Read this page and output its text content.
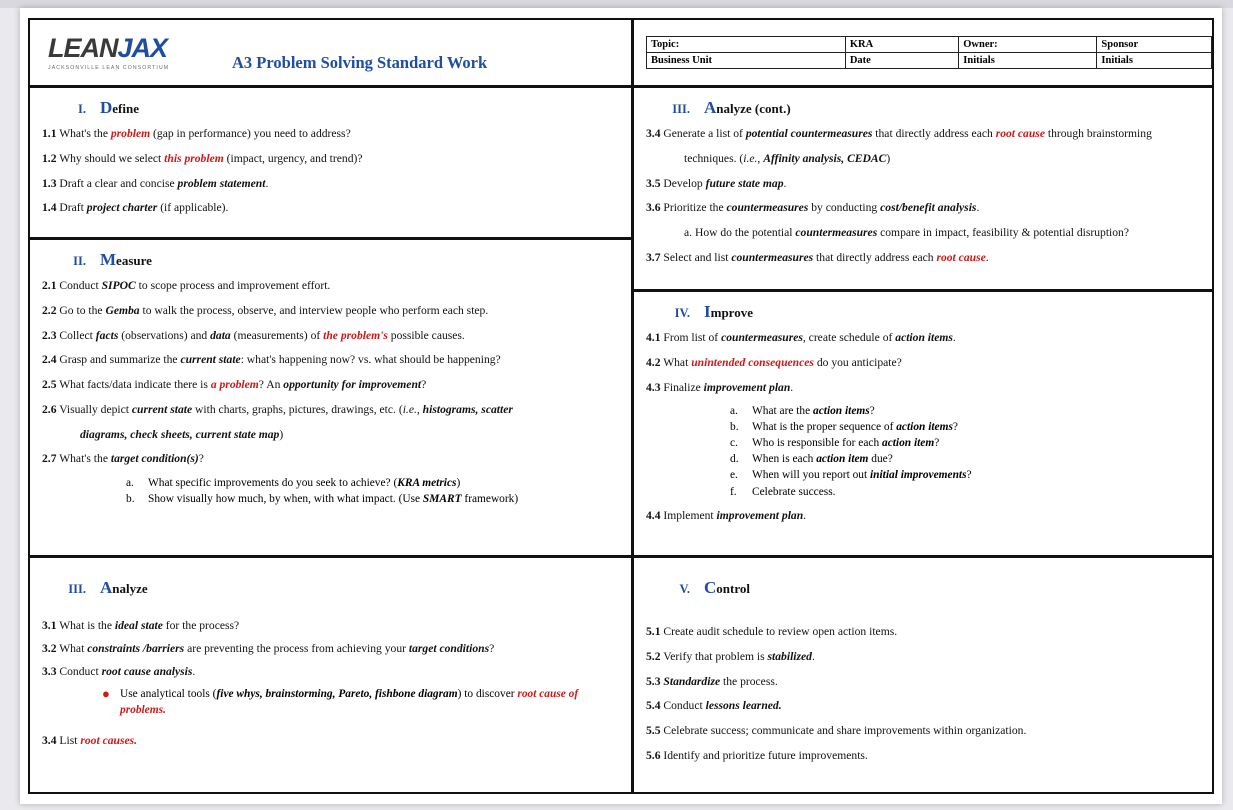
LEANJAX
JACKSONVILLE LEAN CONSORTIUM	A3 Problem Solving Standard Work
I. Define

1.1 What's the problem (gap in performance) you need to address?

1.2 Why should we select this problem (impact, urgency, and trend)?

1.3 Draft a clear and concise problem statement.

1.4 Draft project charter (if applicable).

II. Measure

2.1 Conduct SIPOC to scope process and improvement effort.

2.2 Go to the Gemba to walk the process, observe, and interview people who perform each step.

2.3 Collect facts (observations) and data (measurements) of the problem's possible causes.

2.4 Grasp and summarize the current state: what's happening now? vs. what should be happening?

2.5 What facts/data indicate there is a problem? An opportunity for improvement?

2.6 Visually depict current state with charts, graphs, pictures, drawings, etc. (i.e., histograms, scatter

diagrams, check sheets, current state map)

2.7 What's the target condition(s)?

a. What specific improvements do you seek to achieve? (KRA metrics)
b. Show visually how much, by when, with what impact. (Use SMART framework)
III. Analyze

3.1 What is the ideal state for the process?

3.2 What constraints /barriers are preventing the process from achieving your target conditions?

3.3 Conduct root cause analysis.

● Use analytical tools (five whys, brainstorming, Pareto, fishbone diagram) to discover root cause of problems.

3.4 List root causes.

Topic:	KRA	Owner:	Sponsor
Business Unit	Date	Initials	Initials
III. Analyze (cont.)

3.4 Generate a list of potential countermeasures that directly address each root cause through brainstorming

techniques. (i.e., Affinity analysis, CEDAC)

3.5 Develop future state map.

3.6 Prioritize the countermeasures by conducting cost/benefit analysis.

a. How do the potential countermeasures compare in impact, feasibility & potential disruption?

3.7 Select and list countermeasures that directly address each root cause.

IV. Improve

4.1 From list of countermeasures, create schedule of action items.

4.2 What unintended consequences do you anticipate?

4.3 Finalize improvement plan.

a. What are the action items?
b. What is the proper sequence of action items?
c. Who is responsible for each action item?
d. When is each action item due?
e. When will you report out initial improvements?
f. Celebrate success.

4.4 Implement improvement plan.

V. Control

5.1 Create audit schedule to review open action items.

5.2 Verify that problem is stabilized.

5.3 Standardize the process.

5.4 Conduct lessons learned.

5.5 Celebrate success; communicate and share improvements within organization.

5.6 Identify and prioritize future improvements.
